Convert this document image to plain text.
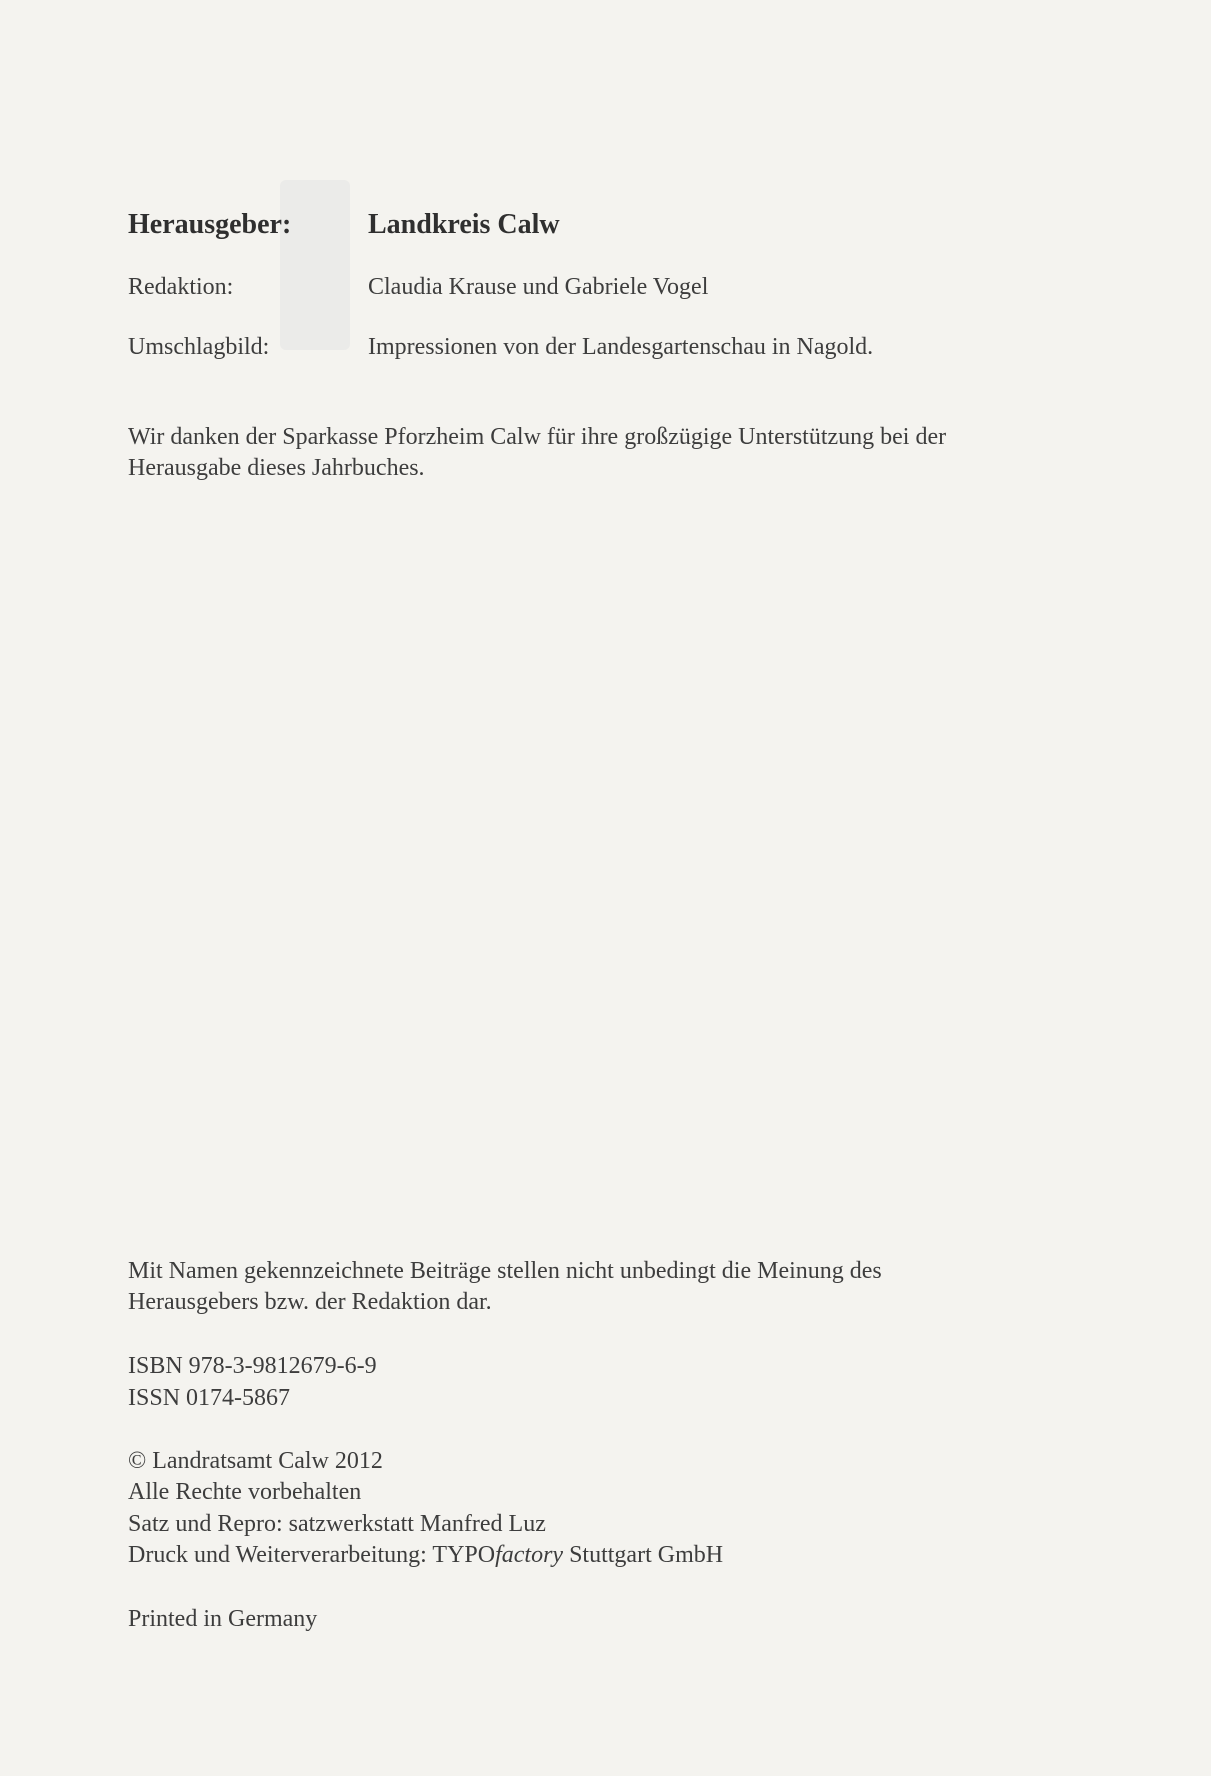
Herausgeber:	Landkreis Calw
Redaktion:	Claudia Krause und Gabriele Vogel
Umschlagbild:	Impressionen von der Landesgartenschau in Nagold.
Wir danken der Sparkasse Pforzheim Calw für ihre großzügige Unterstützung bei der
Herausgabe dieses Jahrbuches.
Mit Namen gekennzeichnete Beiträge stellen nicht unbedingt die Meinung des
Herausgebers bzw. der Redaktion dar.
ISBN 978-3-9812679-6-9
ISSN 0174-5867
© Landratsamt Calw 2012
Alle Rechte vorbehalten
Satz und Repro: satzwerkstatt Manfred Luz
Druck und Weiterverarbeitung: TYPOfactory Stuttgart GmbH
Printed in Germany
